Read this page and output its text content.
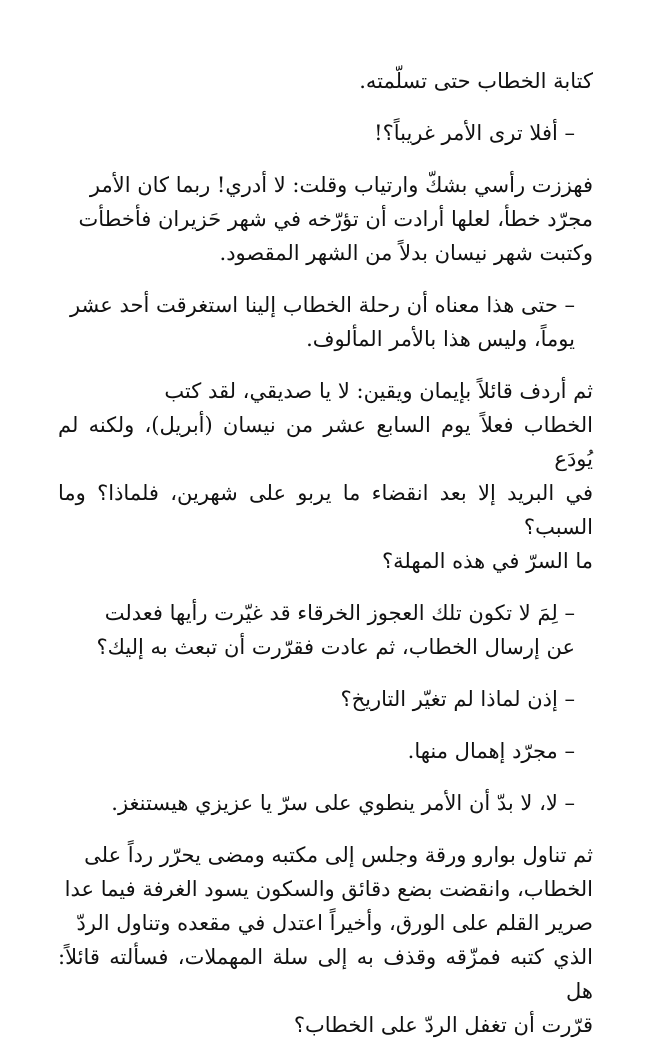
كتابة الخطاب حتى تسلّمته.

– أفلا ترى الأمر غريباً؟!

فهززت رأسي بشكّ وارتياب وقلت: لا أدري! ربما كان الأمر
مجرّد خطأ، لعلها أرادت أن تؤرّخه في شهر حَزيران فأخطأت
وكتبت شهر نيسان بدلاً من الشهر المقصود.

– حتى هذا معناه أن رحلة الخطاب إلينا استغرقت أحد عشر
يوماً، وليس هذا بالأمر المألوف.

ثم أردف قائلاً بإيمان ويقين: لا يا صديقي، لقد كتب
الخطاب فعلاً يوم السابع عشر من نيسان (أبريل)، ولكنه لم يُودَع
في البريد إلا بعد انقضاء ما يربو على شهرين، فلماذا؟ وما السبب؟
ما السرّ في هذه المهلة؟

– لِمَ لا تكون تلك العجوز الخرقاء قد غيّرت رأيها فعدلت
عن إرسال الخطاب، ثم عادت فقرّرت أن تبعث به إليك؟

– إذن لماذا لم تغيّر التاريخ؟

– مجرّد إهمال منها.

– لا، لا بدّ أن الأمر ينطوي على سرّ يا عزيزي هيستنغز.

ثم تناول بوارو ورقة وجلس إلى مكتبه ومضى يحرّر رداً على
الخطاب، وانقضت بضع دقائق والسكون يسود الغرفة فيما عدا
صرير القلم على الورق، وأخيراً اعتدل في مقعده وتناول الردّ
الذي كتبه فمزّقه وقذف به إلى سلة المهملات، فسألته قائلاً: هل
قرّرت أن تغفل الردّ على الخطاب؟
